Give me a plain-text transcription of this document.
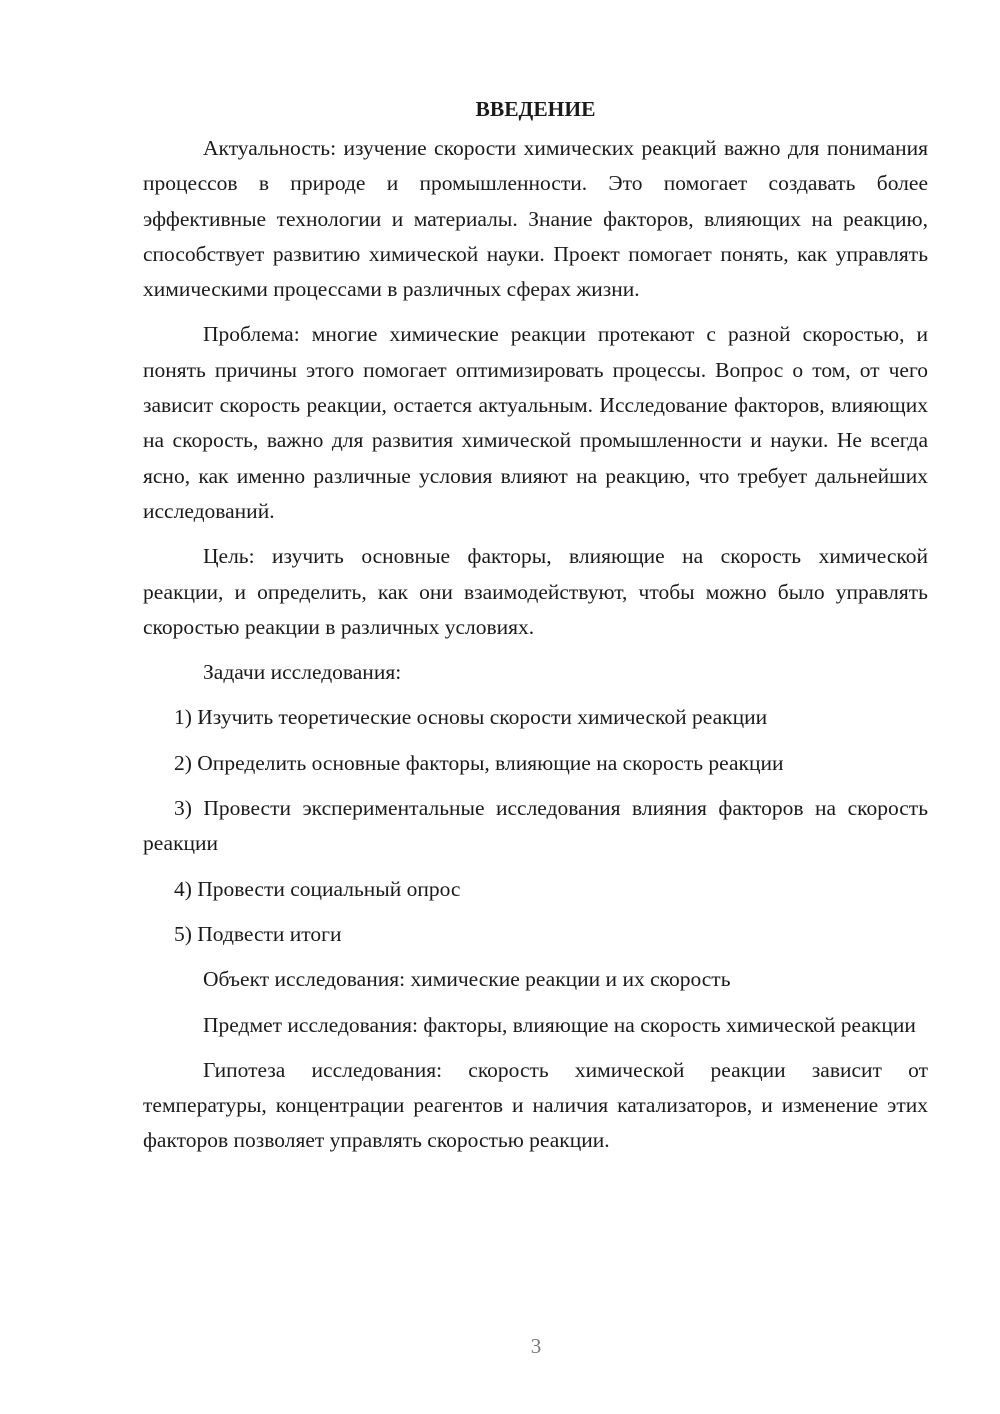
ВВЕДЕНИЕ

Актуальность: изучение скорости химических реакций важно для понимания процессов в природе и промышленности. Это помогает создавать более эффективные технологии и материалы. Знание факторов, влияющих на реакцию, способствует развитию химической науки. Проект помогает понять, как управлять химическими процессами в различных сферах жизни.

Проблема: многие химические реакции протекают с разной скоростью, и понять причины этого помогает оптимизировать процессы. Вопрос о том, от чего зависит скорость реакции, остается актуальным. Исследование факторов, влияющих на скорость, важно для развития химической промышленности и науки. Не всегда ясно, как именно различные условия влияют на реакцию, что требует дальнейших исследований.

Цель: изучить основные факторы, влияющие на скорость химической реакции, и определить, как они взаимодействуют, чтобы можно было управлять скоростью реакции в различных условиях.

Задачи исследования:

1) Изучить теоретические основы скорости химической реакции

2) Определить основные факторы, влияющие на скорость реакции

3) Провести экспериментальные исследования влияния факторов на скорость реакции

4) Провести социальный опрос

5) Подвести итоги

Объект исследования: химические реакции и их скорость

Предмет исследования: факторы, влияющие на скорость химической реакции

Гипотеза исследования: скорость химической реакции зависит от температуры, концентрации реагентов и наличия катализаторов, и изменение этих факторов позволяет управлять скоростью реакции.

3
